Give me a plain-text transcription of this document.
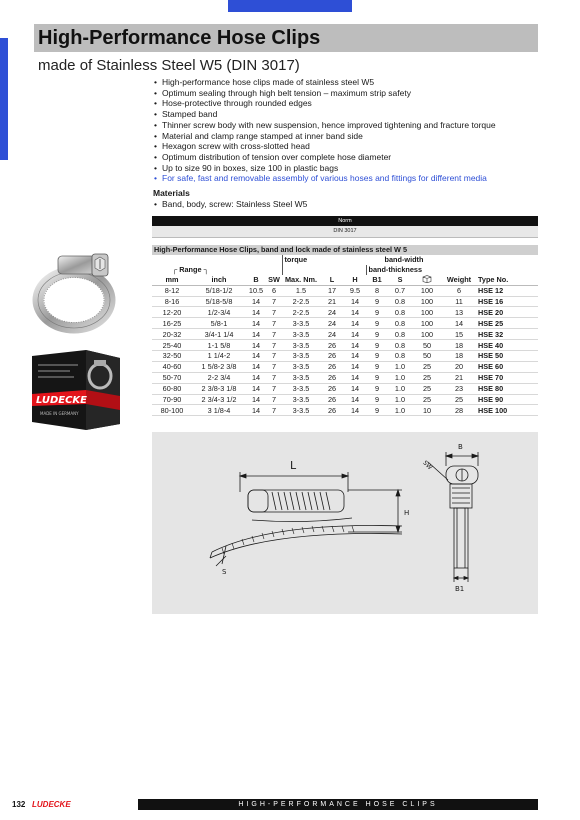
High-Performance Hose Clips
made of Stainless Steel W5 (DIN 3017)
• High-performance hose clips made of stainless steel W5
• Optimum sealing through high belt tension – maximum strip safety
• Hose-protective through rounded edges
• Stamped band
• Thinner screw body with new suspension, hence improved tightening and fracture torque
• Material and clamp range stamped at inner band side
• Hexagon screw with cross-slotted head
• Optimum distribution of tension over complete hose diameter
• Up to size 90 in boxes, size 100 in plastic bags
• For safe, fast and removable assembly of various hoses and fittings for different media
Materials
• Band, body, screw: Stainless Steel W5
Norm
DIN 3017
High-Performance Hose Clips, band and lock made of stainless steel W 5											
				torque			band-width				
┌ Range ┐							band-thickness				
mm	inch	B	SW	Max. Nm.	L	H	B1	S		Weight	Type No.
8-12	5/18-1/2	10.5	6	1.5	17	9.5	8	0.7	100	6	HSE 12
8-16	5/18-5/8	14	7	2-2.5	21	14	9	0.8	100	11	HSE 16
12-20	1/2-3/4	14	7	2-2.5	24	14	9	0.8	100	13	HSE 20
16-25	5/8-1	14	7	3-3.5	24	14	9	0.8	100	14	HSE 25
20-32	3/4-1 1/4	14	7	3-3.5	24	14	9	0.8	100	15	HSE 32
25-40	1-1 5/8	14	7	3-3.5	26	14	9	0.8	50	18	HSE 40
32-50	1 1/4-2	14	7	3-3.5	26	14	9	0.8	50	18	HSE 50
40-60	1 5/8-2 3/8	14	7	3-3.5	26	14	9	1.0	25	20	HSE 60
50-70	2-2 3/4	14	7	3-3.5	26	14	9	1.0	25	21	HSE 70
60-80	2 3/8-3 1/8	14	7	3-3.5	26	14	9	1.0	25	23	HSE 80
70-90	2 3/4-3 1/2	14	7	3-3.5	26	14	9	1.0	25	25	HSE 90
80-100	3 1/8-4	14	7	3-3.5	26	14	9	1.0	10	28	HSE 100
LUDECKE
MADE IN GERMANY
L
H
S
B
B1
SW
132 LUDECKE	HIGH-PERFORMANCE HOSE CLIPS
